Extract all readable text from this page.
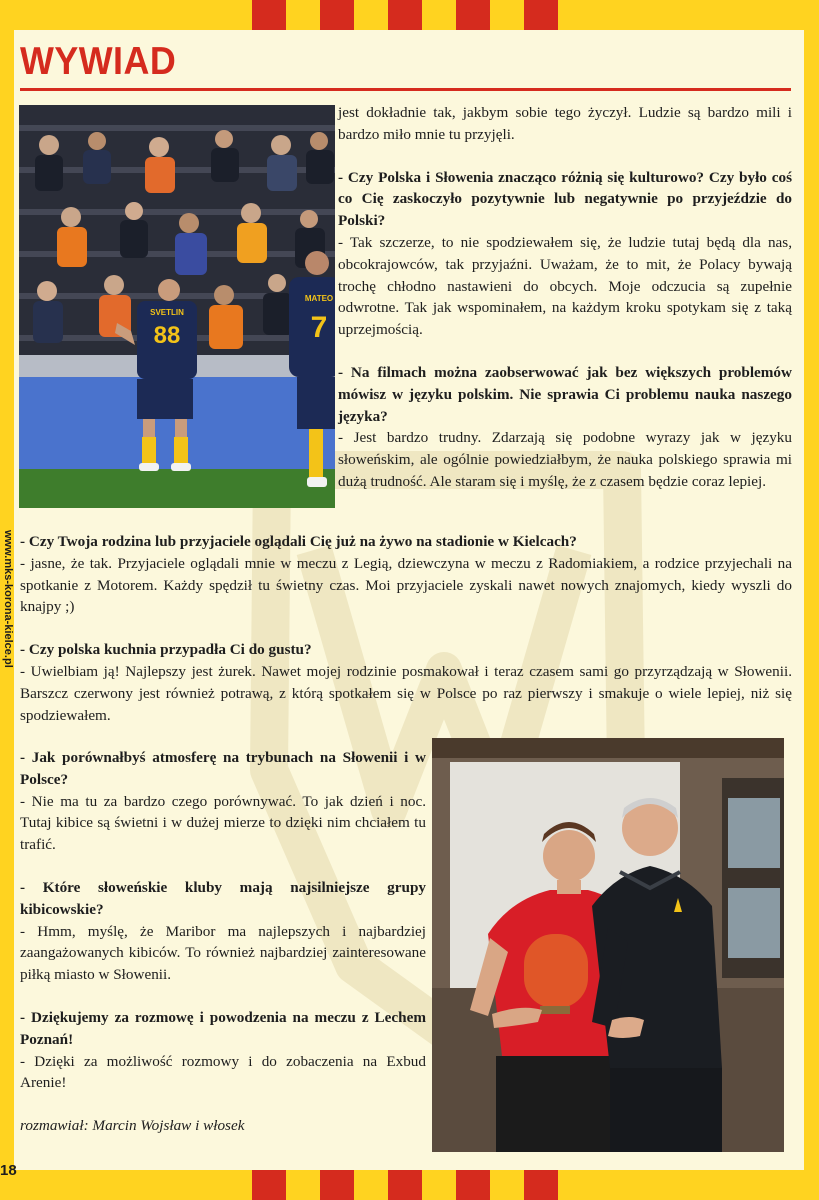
WYWIAD
www.mks-korona-kielce.pl
18
88
SVETLIN	7
MATEO

jest dokładnie tak, jakbym sobie tego życzył. Ludzie są bardzo mili i bardzo miło mnie tu przyjęli.

- Czy Polska i Słowenia znacząco różnią się kulturowo? Czy było coś co Cię zaskoczyło pozytywnie lub negatywnie po przyjeździe do Polski?

- Tak szczerze, to nie spodziewałem się, że ludzie tutaj będą dla nas, obcokrajowców, tak przyjaźni. Uważam, że to mit, że Polacy bywają trochę chłodno nastawieni do obcych. Moje odczucia są zupełnie odwrotne. Tak jak wspominałem, na każdym kroku spotykam się z taką uprzejmością.

- Na filmach można zaobserwować jak bez większych problemów mówisz w języku polskim. Nie sprawia Ci problemu nauka naszego języka?

- Jest bardzo trudny. Zdarzają się podobne wyrazy jak w języku słoweńskim, ale ogólnie powiedziałbym, że nauka polskiego sprawia mi dużą trudność. Ale staram się i myślę, że z czasem będzie coraz lepiej.

- Czy Twoja rodzina lub przyjaciele oglądali Cię już na żywo na stadionie w Kielcach?

- jasne, że tak. Przyjaciele oglądali mnie w meczu z Legią, dziewczyna w meczu z Radomiakiem, a rodzice przyjechali na spotkanie z Motorem. Każdy spędził tu świetny czas. Moi przyjaciele zyskali nawet nowych znajomych, kiedy wyszli do knajpy ;)

- Czy polska kuchnia przypadła Ci do gustu?

- Uwielbiam ją! Najlepszy jest żurek. Nawet mojej rodzinie posmakował i teraz czasem sami go przyrządzają w Słowenii. Barszcz czerwony jest również potrawą, z którą spotkałem się w Polsce po raz pierwszy i smakuje o wiele lepiej, niż się spodziewałem.

- Jak porównałbyś atmosferę na trybunach na Słowenii i w Polsce?

- Nie ma tu za bardzo czego porównywać. To jak dzień i noc. Tutaj kibice są świetni i w dużej mierze to dzięki nim chciałem tu trafić.

- Które słoweńskie kluby mają najsilniejsze grupy kibicowskie?

- Hmm, myślę, że Maribor ma najlepszych i najbardziej zaangażowanych kibiców. To również najbardziej zainteresowane piłką miasto w Słowenii.

- Dziękujemy za rozmowę i powodzenia na meczu z Lechem Poznań!

- Dzięki za możliwość rozmowy i do zobaczenia na Exbud Arenie!

rozmawiał: Marcin Wojsław i włosek
